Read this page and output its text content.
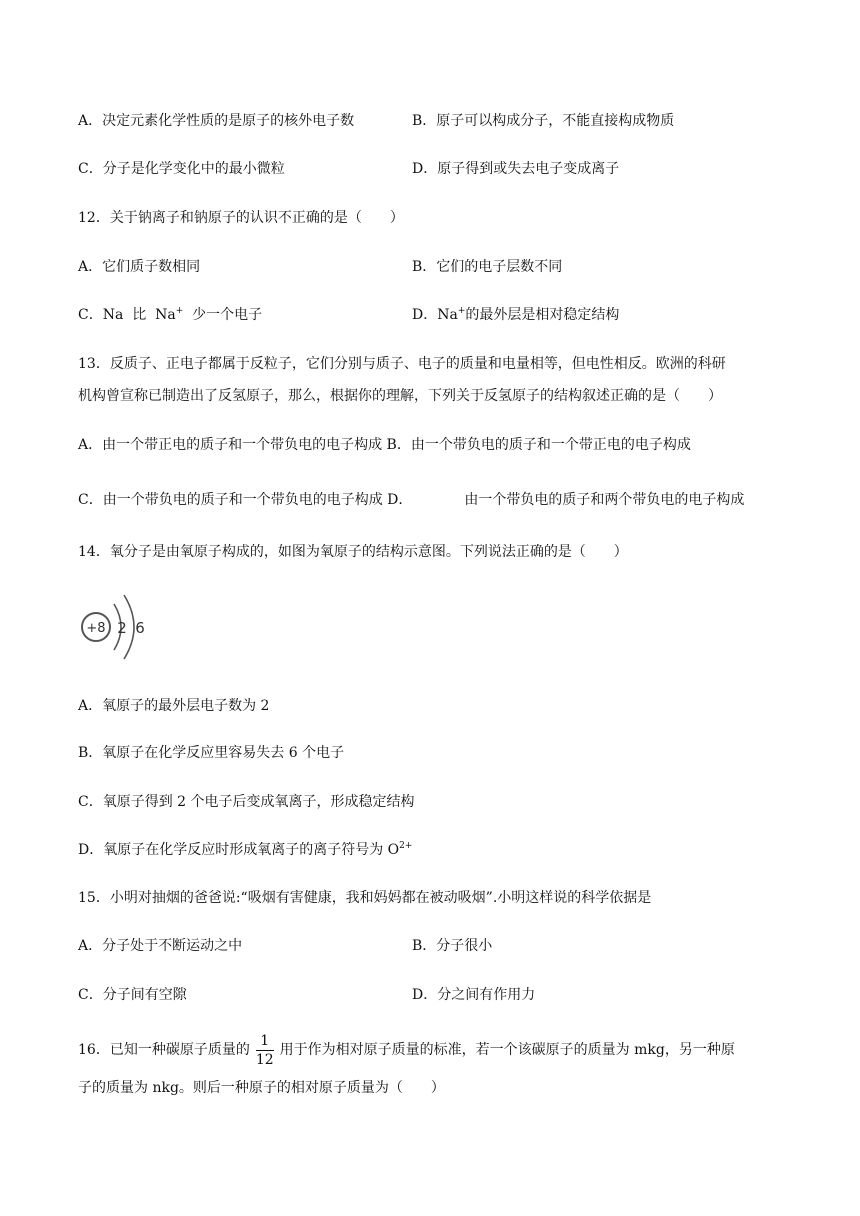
A．决定元素化学性质的是原子的核外电子数	B．原子可以构成分子，不能直接构成物质
C．分子是化学变化中的最小微粒	D．原子得到或失去电子变成离子
12．关于钠离子和钠原子的认识不正确的是（　　）
A．它们质子数相同	B．它们的电子层数不同
C．Na  比  Na+  少一个电子	D．Na+的最外层是相对稳定结构
13．反质子、正电子都属于反粒子，它们分别与质子、电子的质量和电量相等，但电性相反。欧洲的科研
机构曾宣称已制造出了反氢原子，那么，根据你的理解，下列关于反氢原子的结构叙述正确的是（　　）
A．由一个带正电的质子和一个带负电的电子构成 B．由一个带负电的质子和一个带正电的电子构成
C．由一个带负电的质子和一个带负电的电子构成 D．	由一个带负电的质子和两个带负电的电子构成
14．氧分子是由氧原子构成的，如图为氧原子的结构示意图。下列说法正确的是（　　）
+8 2 6
A．氧原子的最外层电子数为 2
B．氧原子在化学反应里容易失去 6 个电子
C．氧原子得到 2 个电子后变成氧离子，形成稳定结构
D．氧原子在化学反应时形成氧离子的离子符号为 $O^{2+}$
15．小明对抽烟的爸爸说:“吸烟有害健康，我和妈妈都在被动吸烟”.小明这样说的科学依据是
A．分子处于不断运动之中	B．分子很小
C．分子间有空隙	D．分之间有作用力
16．已知一种碳原子质量的 $\frac{1}{12}$ 用于作为相对原子质量的标准，若一个该碳原子的质量为 mkg，另一种原
子的质量为 nkg。则后一种原子的相对原子质量为（　　）
